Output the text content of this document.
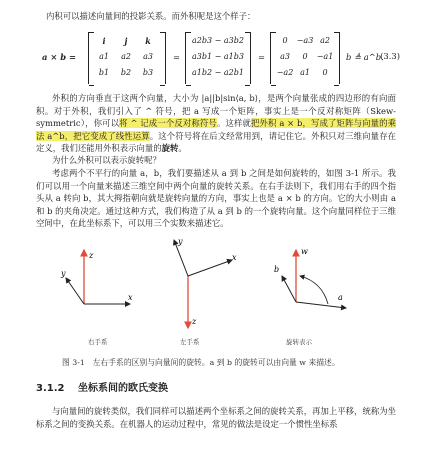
内积可以描述向量间的投影关系。而外积呢是这个样子：
a × b =
i	j	k
a1	a2	a3
b1	b2	b3
=
a2b3 − a3b2
a3b1 − a1b3
a1b2 − a2b1
=
0	−a3	a2
a3	0	−a1
−a2	a1	0
b ≜ a^b.
(3.3)
外积的方向垂直于这两个向量，大小为 |a||b|sin⟨a, b⟩，是两个向量张成的四边形的有向面积。对于外积，我们引入了 ^ 符号，把 a 写成一个矩阵，事实上是一个反对称矩阵（Skew-symmetric），你可以将 ^ 记成一个反对称符号。这样就把外积 a × b，写成了矩阵与向量的乘法 a^b，把它变成了线性运算。这个符号将在后文经常用到，请记住它。外积只对三维向量存在定义，我们还能用外积表示向量的旋转。
为什么外积可以表示旋转呢？
考虑两个不平行的向量 a，b，我们要描述从 a 到 b 之间是如何旋转的，如图 3-1 所示。我们可以用一个向量来描述三维空间中两个向量的旋转关系。在右手法则下，我们用右手的四个指头从 a 转向 b，其大拇指朝向就是旋转向量的方向，事实上也是 a × b 的方向。它的大小则由 a 和 b 的夹角决定。通过这种方式，我们构造了从 a 到 b 的一个旋转向量。这个向量同样位于三维空间中，在此坐标系下，可以用三个实数来描述它。
z
x
y
z
x
y
w
b
a
右手系	左手系	旋转表示
图 3-1　左右手系的区别与向量间的旋转。a 到 b 的旋转可以由向量 w 来描述。
3.1.2 坐标系间的欧氏变换
与向量间的旋转类似，我们同样可以描述两个坐标系之间的旋转关系，再加上平移，统称为坐标系之间的变换关系。在机器人的运动过程中，常见的做法是设定一个惯性坐标系
